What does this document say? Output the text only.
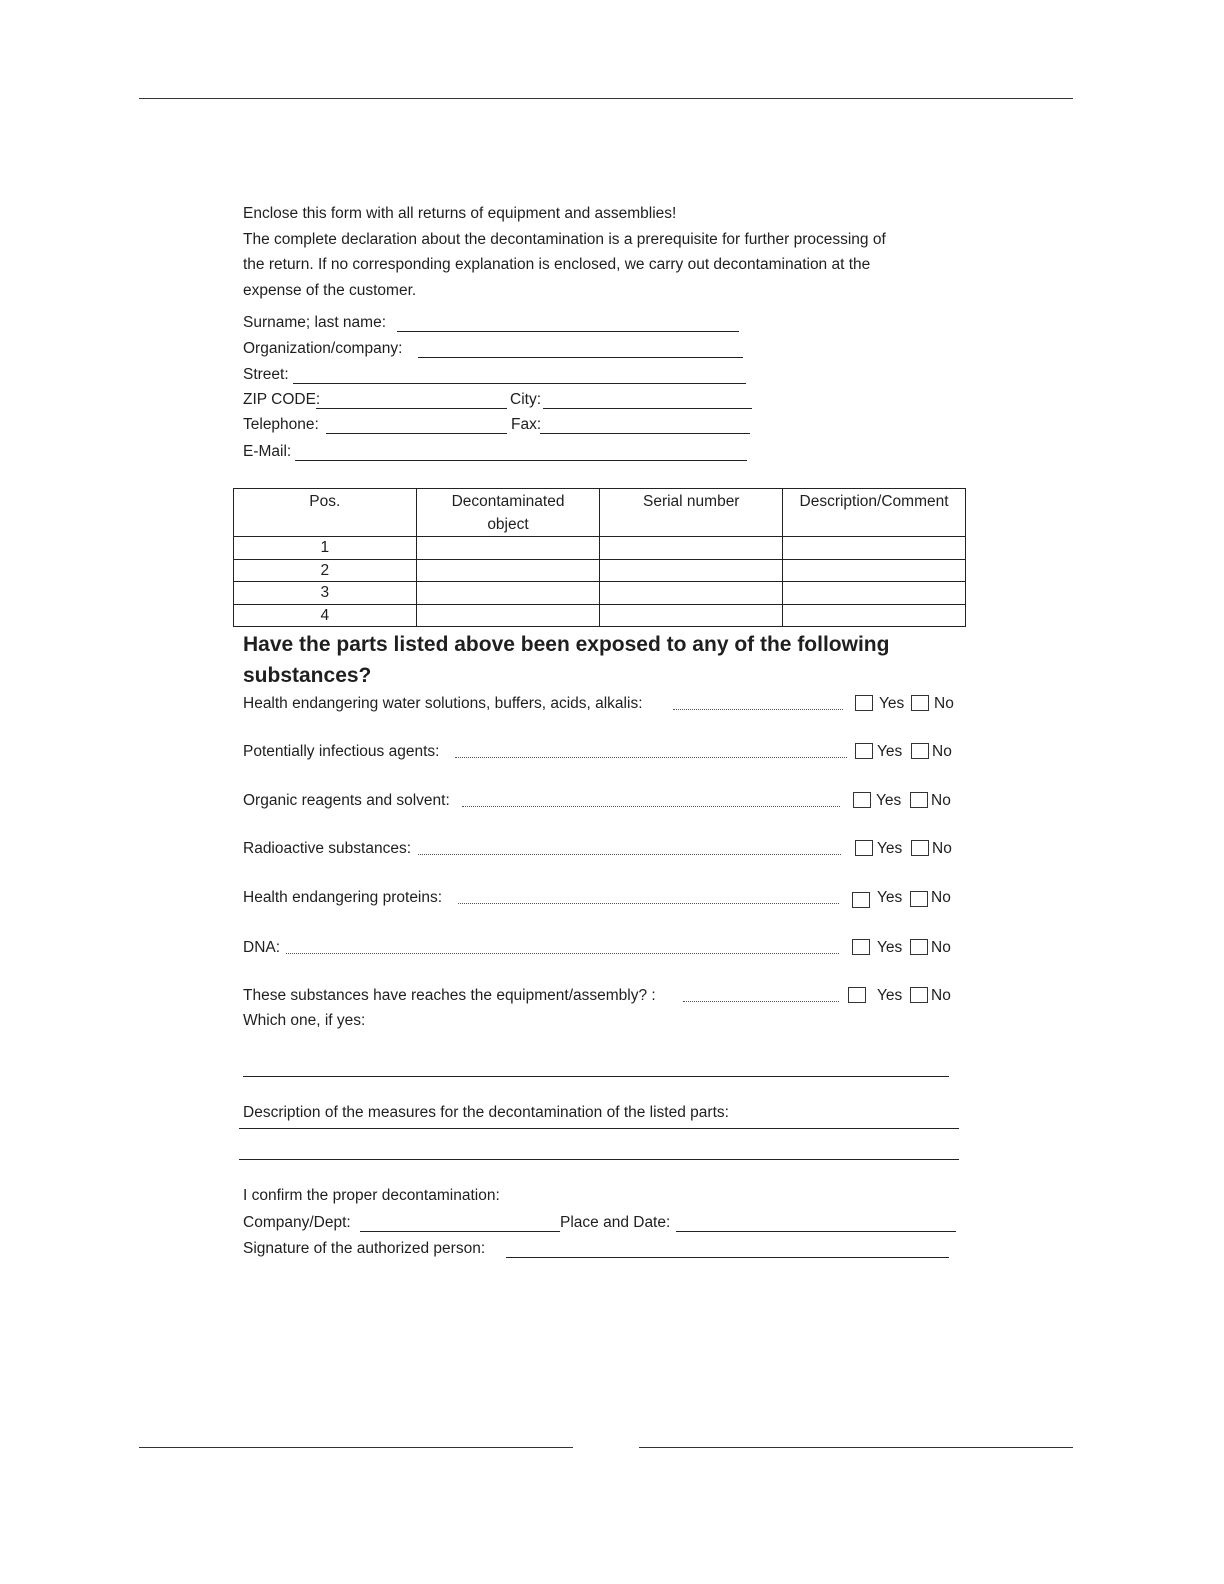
Enclose this form with all returns of equipment and assemblies!
The complete declaration about the decontamination is a prerequisite for further processing of
the return. If no corresponding explanation is enclosed, we carry out decontamination at the
expense of the customer.
Surname; last name:
Organization/company:
Street:
ZIP CODE:	City:
Telephone:	Fax:
E-Mail:
Pos.	Decontaminated object	Serial number	Description/Comment
1			
2			
3			
4			
Have the parts listed above been exposed to any of the following
substances?
Health endangering water solutions, buffers, acids, alkalis:	Yes No
Potentially infectious agents:	Yes No
Organic reagents and solvent:	Yes No
Radioactive substances:	Yes No
Health endangering proteins:	Yes No
DNA:	Yes No
These substances have reaches the equipment/assembly? :	Yes No
Which one, if yes:
Description of the measures for the decontamination of the listed parts:
I confirm the proper decontamination:
Company/Dept:	Place and Date:
Signature of the authorized person:
